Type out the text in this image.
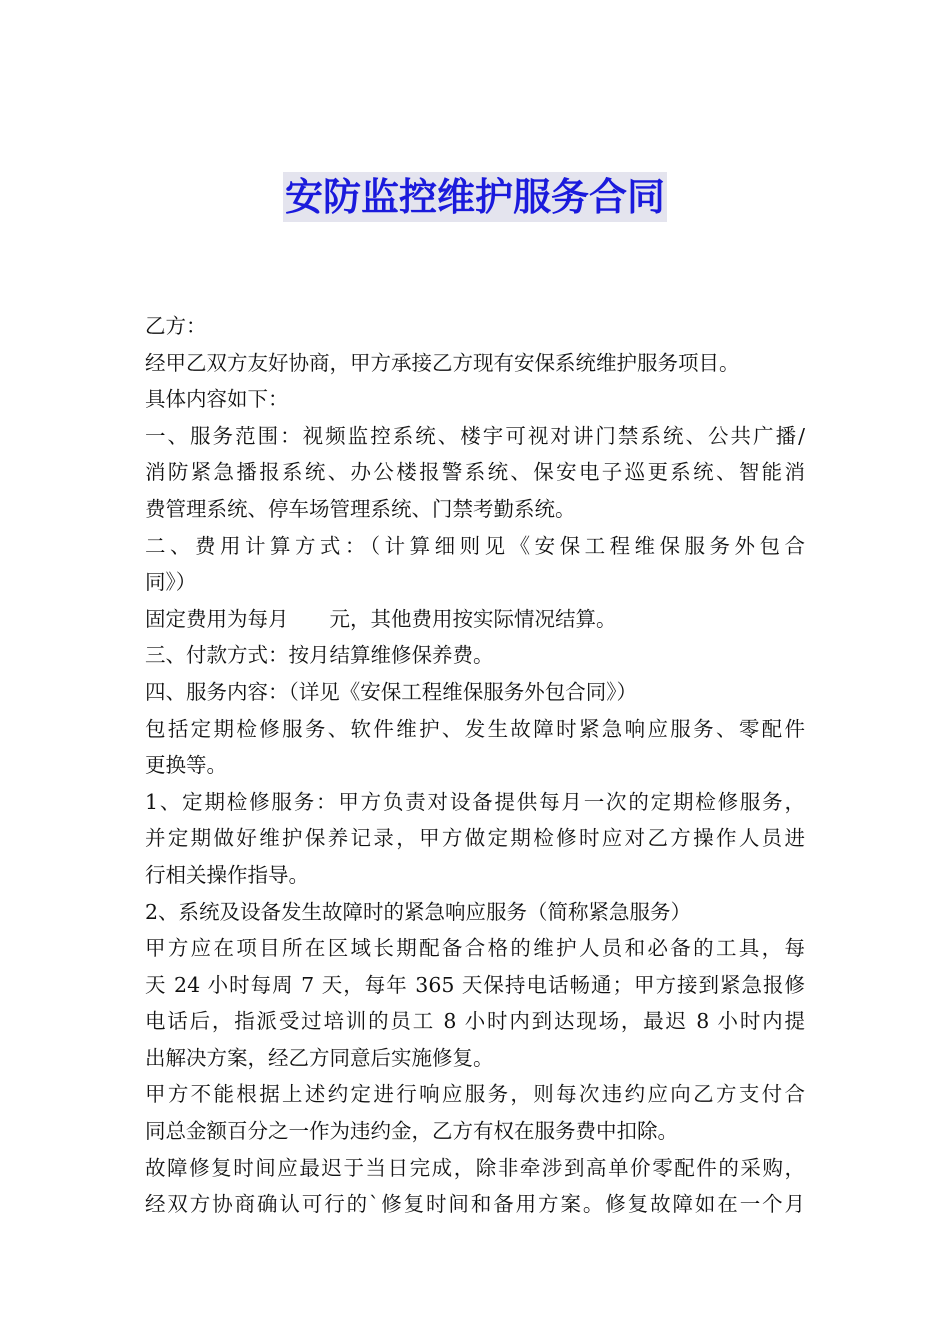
安防监控维护服务合同
乙方：
经甲乙双方友好协商，甲方承接乙方现有安保系统维护服务项目。
具体内容如下：
一、服务范围：视频监控系统、楼宇可视对讲门禁系统、公共广播/
消防紧急播报系统、办公楼报警系统、保安电子巡更系统、智能消
费管理系统、停车场管理系统、门禁考勤系统。
二、费用计算方式：（计算细则见《安保工程维保服务外包合
同》）
固定费用为每月　　元，其他费用按实际情况结算。
三、付款方式：按月结算维修保养费。
四、服务内容：（详见《安保工程维保服务外包合同》）
包括定期检修服务、软件维护、发生故障时紧急响应服务、零配件
更换等。
1、定期检修服务：甲方负责对设备提供每月一次的定期检修服务，
并定期做好维护保养记录，甲方做定期检修时应对乙方操作人员进
行相关操作指导。
2、系统及设备发生故障时的紧急响应服务（简称紧急服务）
甲方应在项目所在区域长期配备合格的维护人员和必备的工具，每
天 24 小时每周 7 天，每年 365 天保持电话畅通；甲方接到紧急报修
电话后，指派受过培训的员工 8 小时内到达现场，最迟 8 小时内提
出解决方案，经乙方同意后实施修复。
甲方不能根据上述约定进行响应服务，则每次违约应向乙方支付合
同总金额百分之一作为违约金，乙方有权在服务费中扣除。
故障修复时间应最迟于当日完成，除非牵涉到高单价零配件的采购，
经双方协商确认可行的`修复时间和备用方案。修复故障如在一个月
